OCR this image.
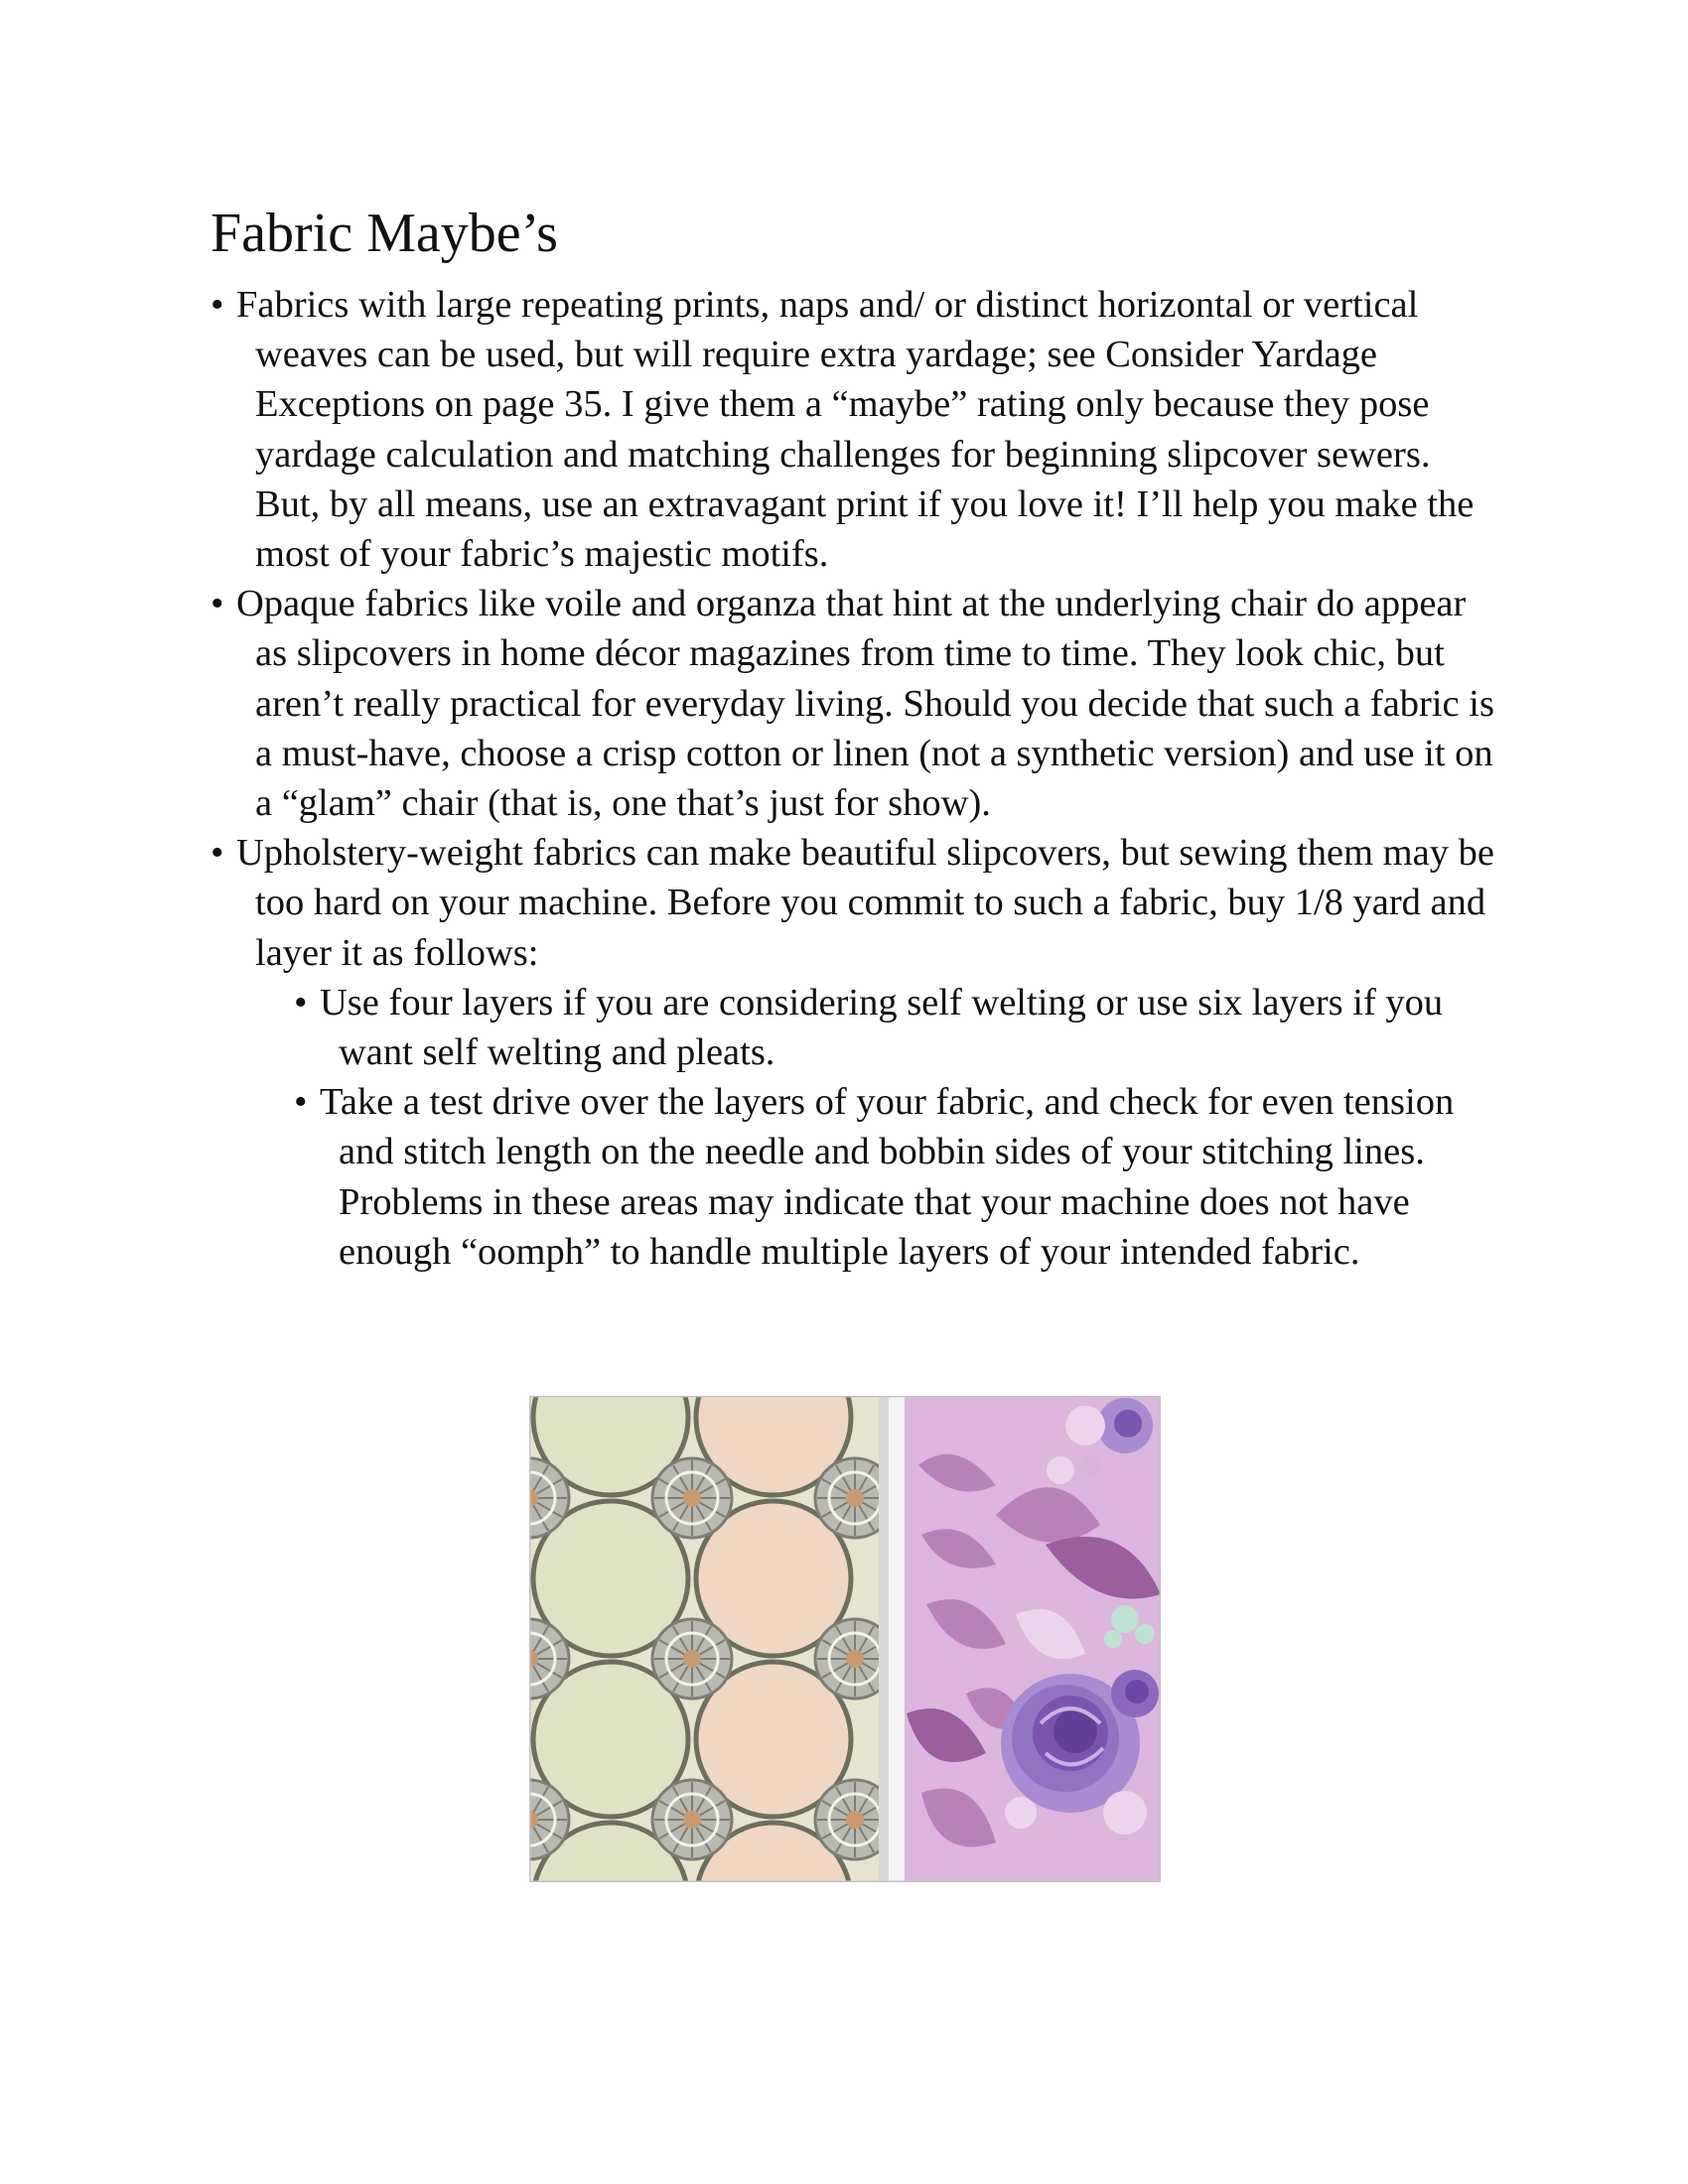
Fabric Maybe’s

• Fabrics with large repeating prints, naps and/ or distinct horizontal or vertical weaves can be used, but will require extra yardage; see Consider Yardage Exceptions on page 35. I give them a “maybe” rating only because they pose yardage calculation and matching challenges for beginning slipcover sewers. But, by all means, use an extravagant print if you love it! I’ll help you make the most of your fabric’s majestic motifs.

• Opaque fabrics like voile and organza that hint at the underlying chair do appear as slipcovers in home décor magazines from time to time. They look chic, but aren’t really practical for everyday living. Should you decide that such a fabric is a must-have, choose a crisp cotton or linen (not a synthetic version) and use it on a “glam” chair (that is, one that’s just for show).

• Upholstery-weight fabrics can make beautiful slipcovers, but sewing them may be too hard on your machine. Before you commit to such a fabric, buy 1/8 yard and layer it as follows:

• Use four layers if you are considering self welting or use six layers if you want self welting and pleats.

• Take a test drive over the layers of your fabric, and check for even tension and stitch length on the needle and bobbin sides of your stitching lines. Problems in these areas may indicate that your machine does not have enough “oomph” to handle multiple layers of your intended fabric.
